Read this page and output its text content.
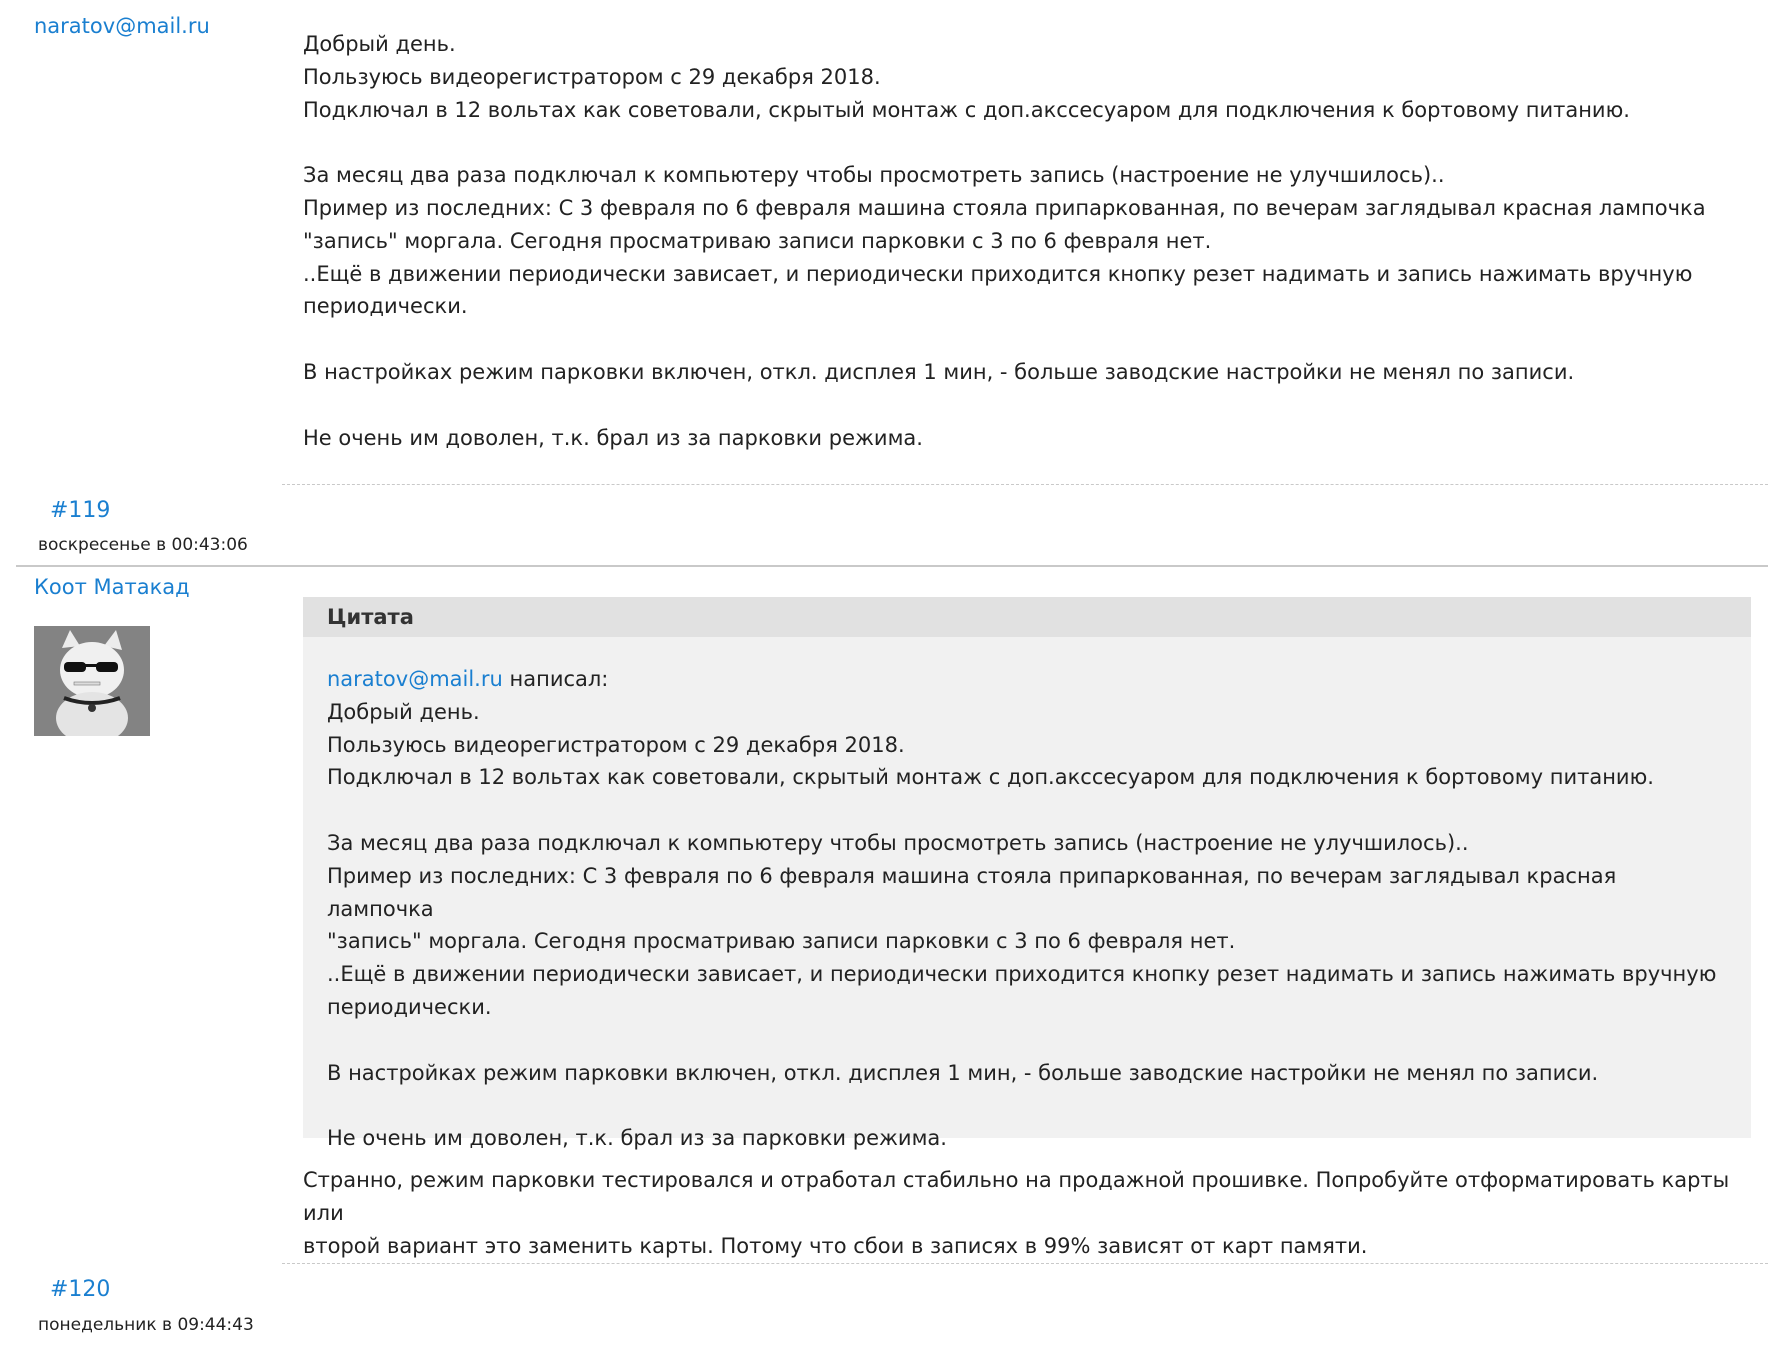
naratov@mail.ru

Добрый день.

Пользуюсь видеорегистратором с 29 декабря 2018.

Подключал в 12 вольтах как советовали, скрытый монтаж с доп.акссесуаром для подключения к бортовому питанию.

За месяц два раза подключал к компьютеру чтобы просмотреть запись (настроение не улучшилось)..

Пример из последних: С 3 февраля по 6 февраля машина стояла припаркованная, по вечерам заглядывал красная лампочка

"запись" моргала. Сегодня просматриваю записи парковки с 3 по 6 февраля нет.

..Ещё в движении периодически зависает, и периодически приходится кнопку резет надимать и запись нажимать вручную

периодически.

В настройках режим парковки включен, откл. дисплея 1 мин, - больше заводские настройки не менял по записи.

Не очень им доволен, т.к. брал из за парковки режима.

#119
воскресенье в 00:43:06
Коот Матакад
Цитата

naratov@mail.ru написал:

Добрый день.

Пользуюсь видеорегистратором с 29 декабря 2018.

Подключал в 12 вольтах как советовали, скрытый монтаж с доп.акссесуаром для подключения к бортовому питанию.

За месяц два раза подключал к компьютеру чтобы просмотреть запись (настроение не улучшилось)..

Пример из последних: С 3 февраля по 6 февраля машина стояла припаркованная, по вечерам заглядывал красная лампочка

"запись" моргала. Сегодня просматриваю записи парковки с 3 по 6 февраля нет.

..Ещё в движении периодически зависает, и периодически приходится кнопку резет надимать и запись нажимать вручную

периодически.

В настройках режим парковки включен, откл. дисплея 1 мин, - больше заводские настройки не менял по записи.

Не очень им доволен, т.к. брал из за парковки режима.

Странно, режим парковки тестировался и отработал стабильно на продажной прошивке. Попробуйте отформатировать карты или

второй вариант это заменить карты. Потому что сбои в записях в 99% зависят от карт памяти.

#120
понедельник в 09:44:43
